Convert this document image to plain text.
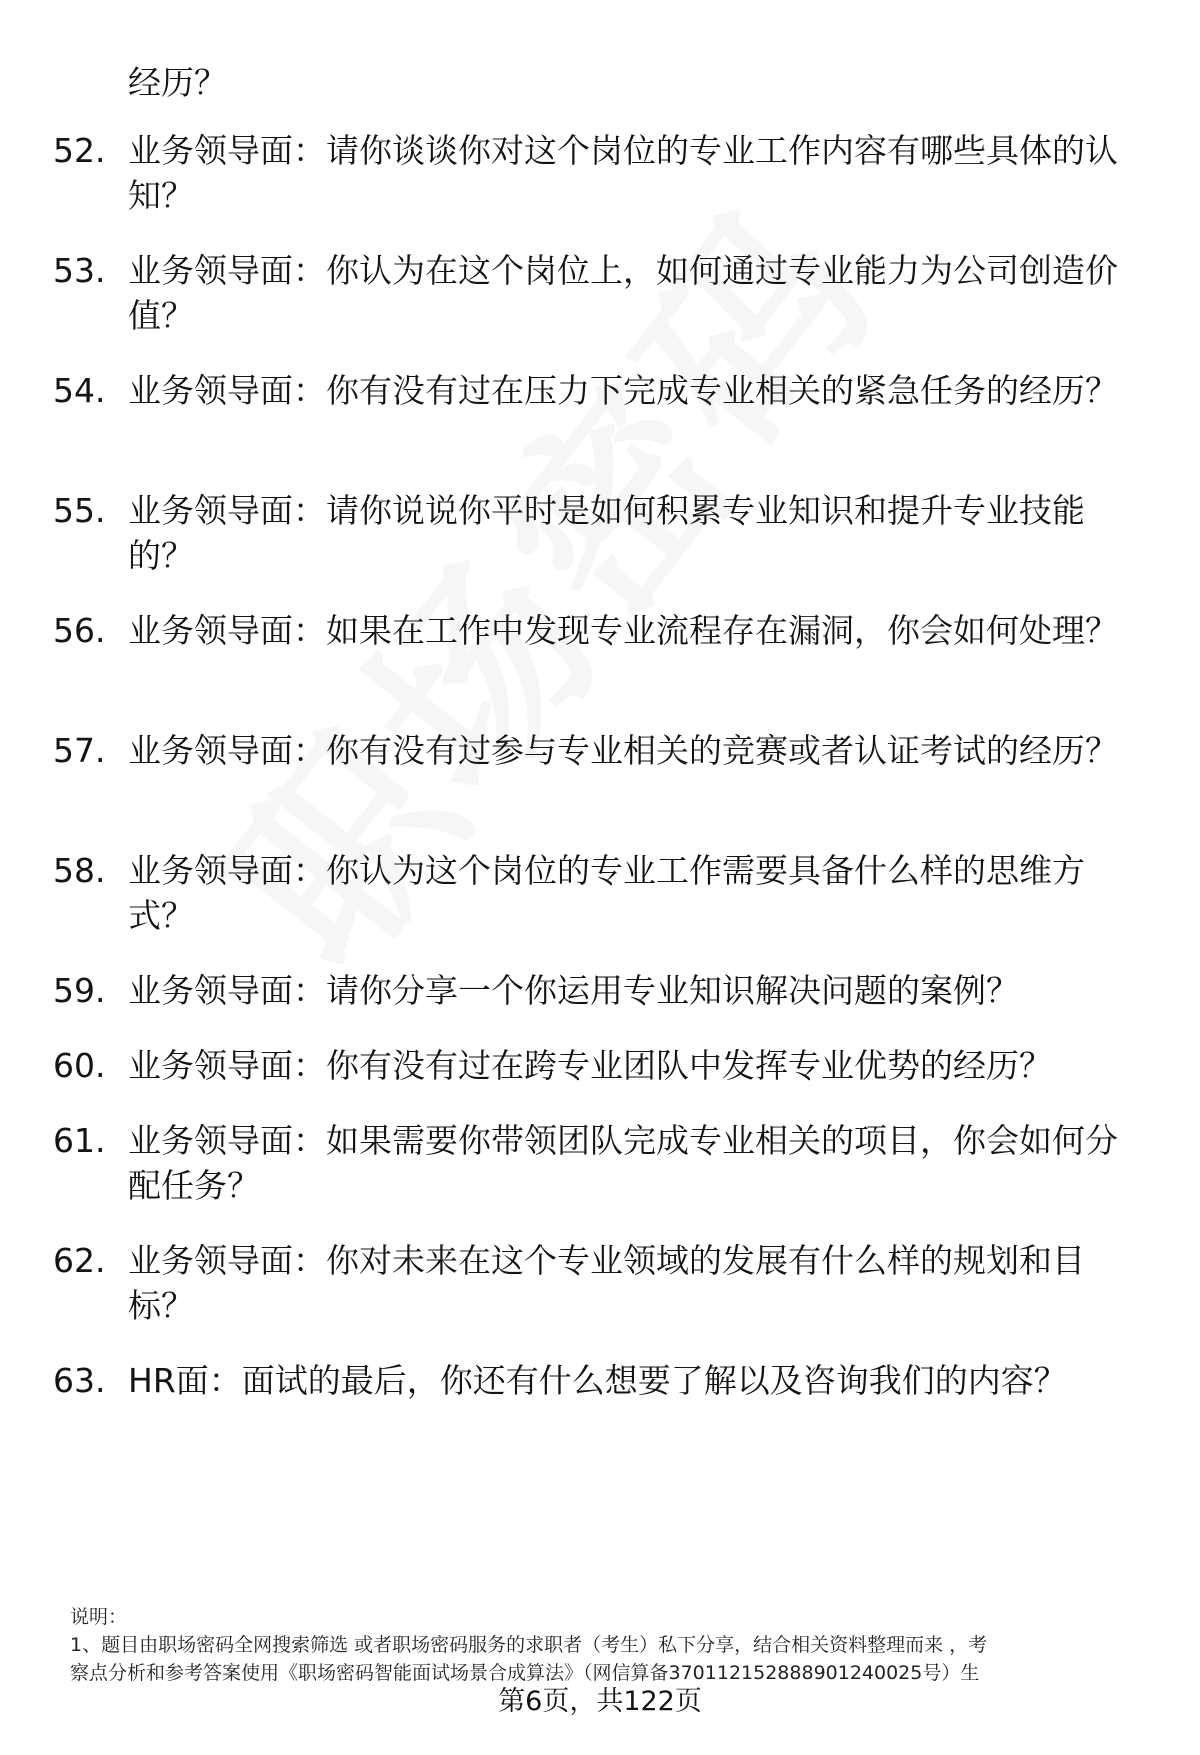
经历？
52. 业务领导面：请你谈谈你对这个岗位的专业工作内容有哪些具体的认知？
53. 业务领导面：你认为在这个岗位上，如何通过专业能力为公司创造价值？
54. 业务领导面：你有没有过在压力下完成专业相关的紧急任务的经历？
55. 业务领导面：请你说说你平时是如何积累专业知识和提升专业技能的？
56. 业务领导面：如果在工作中发现专业流程存在漏洞，你会如何处理？
57. 业务领导面：你有没有过参与专业相关的竞赛或者认证考试的经历？
58. 业务领导面：你认为这个岗位的专业工作需要具备什么样的思维方式？
59. 业务领导面：请你分享一个你运用专业知识解决问题的案例？
60. 业务领导面：你有没有过在跨专业团队中发挥专业优势的经历？
61. 业务领导面：如果需要你带领团队完成专业相关的项目，你会如何分配任务？
62. 业务领导面：你对未来在这个专业领域的发展有什么样的规划和目标？
63. HR面：面试的最后，你还有什么想要了解以及咨询我们的内容？
说明：
1、题目由职场密码全网搜索筛选 或者职场密码服务的求职者（考生）私下分享，结合相关资料整理而来 ，考
察点分析和参考答案使用《职场密码智能面试场景合成算法》（网信算备370112152888901240025号）生
第6页，共122页
